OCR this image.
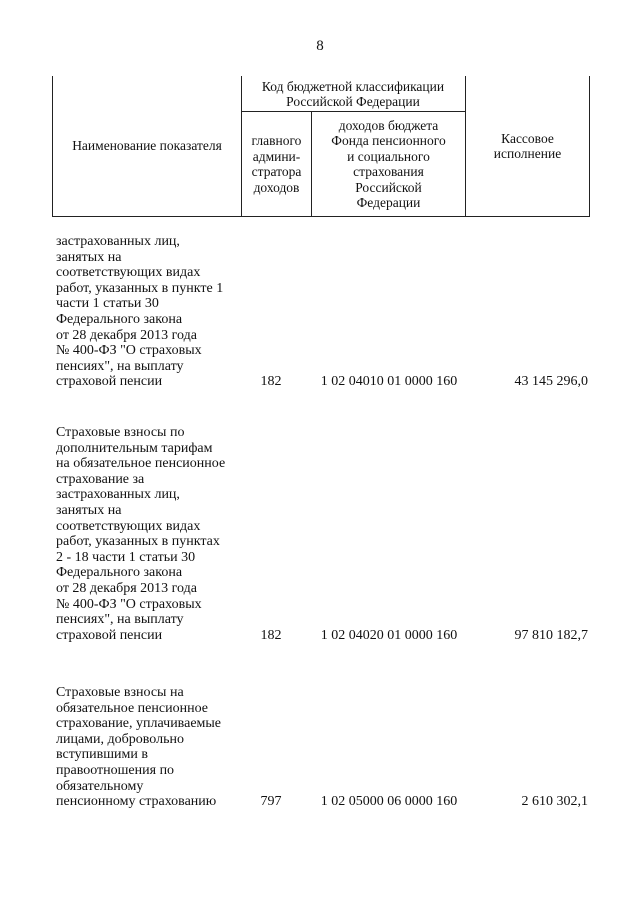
8
Наименование показателя
Код бюджетной классификации Российской Федерации
главного
админи-
стратора
доходов
доходов бюджета
Фонда пенсионного
и социального
страхования
Российской
Федерации
Кассовое
исполнение
застрахованных лиц,
занятых на
соответствующих видах
работ, указанных в пункте 1
части 1 статьи 30
Федерального закона
от 28 декабря 2013 года
№ 400-ФЗ "О страховых
пенсиях", на выплату
страховой пенсии	182	1 02 04010 01 0000 160	43 145 296,0
Страховые взносы по
дополнительным тарифам
на обязательное пенсионное
страхование за
застрахованных лиц,
занятых на
соответствующих видах
работ, указанных в пунктах
2 - 18 части 1 статьи 30
Федерального закона
от 28 декабря 2013 года
№ 400-ФЗ "О страховых
пенсиях", на выплату
страховой пенсии	182	1 02 04020 01 0000 160	97 810 182,7
Страховые взносы на
обязательное пенсионное
страхование, уплачиваемые
лицами, добровольно
вступившими в
правоотношения по
обязательному
пенсионному страхованию	797	1 02 05000 06 0000 160	2 610 302,1
